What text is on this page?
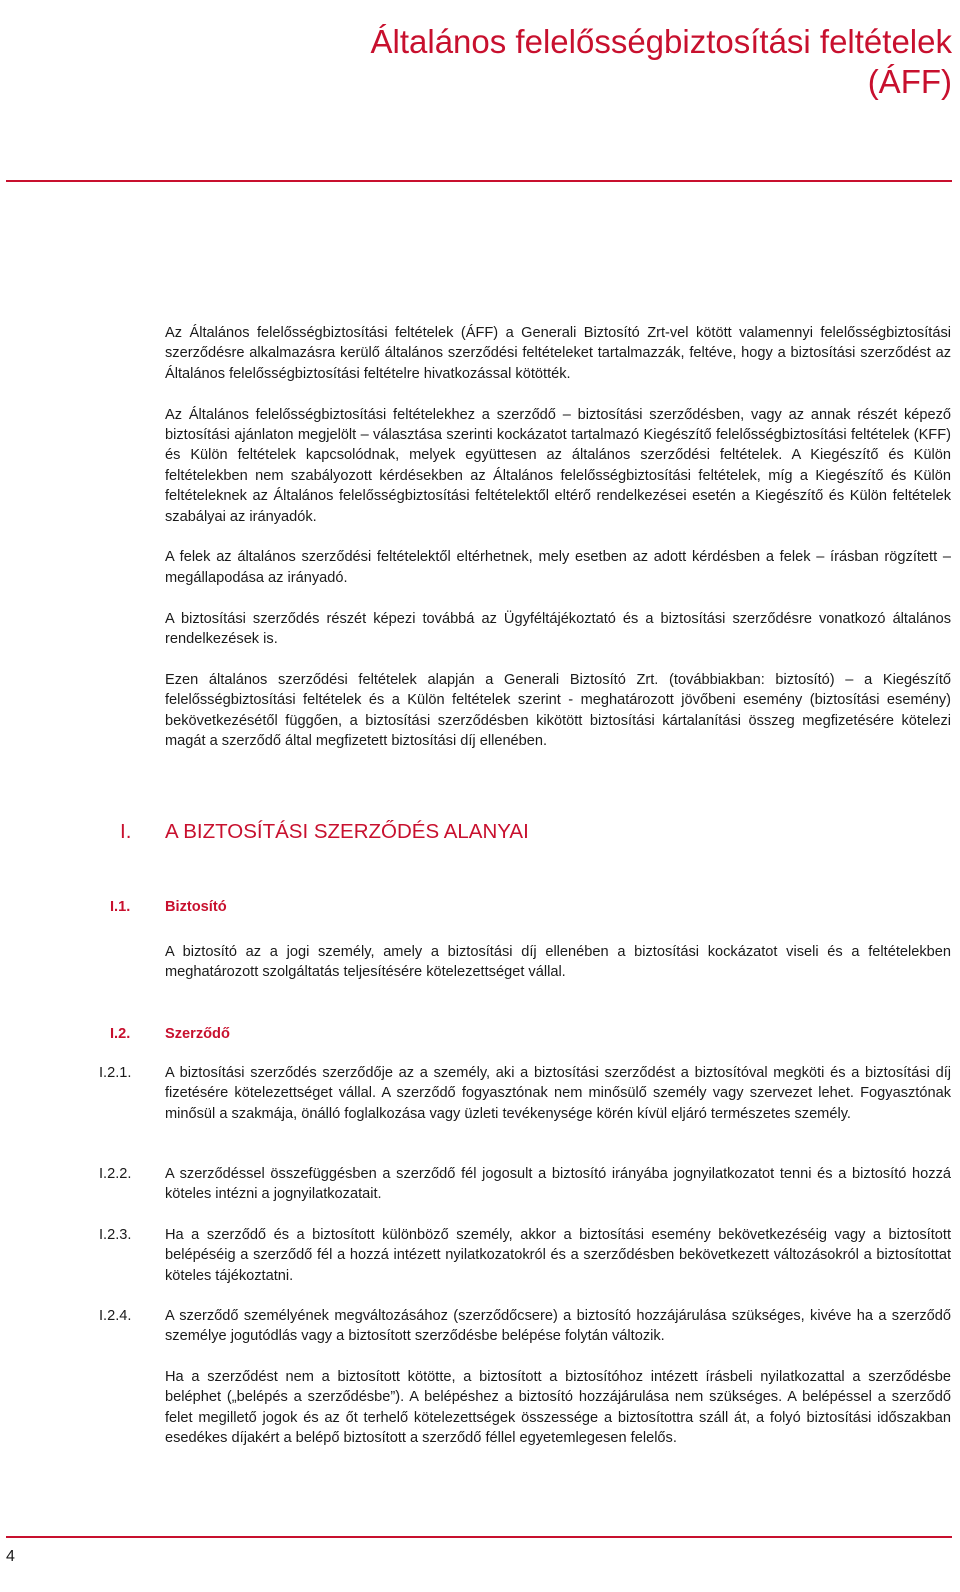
Általános felelősségbiztosítási feltételek
(ÁFF)

Az Általános felelősségbiztosítási feltételek (ÁFF) a Generali Biztosító Zrt-vel kötött valamennyi felelősségbiztosítási szerződésre alkalmazásra kerülő általános szerződési feltételeket tartalmazzák, feltéve, hogy a biztosítási szerződést az Általános felelősségbiztosítási feltételre hivatkozással kötötték.

Az Általános felelősségbiztosítási feltételekhez a szerződő – biztosítási szerződésben, vagy az annak részét képező biztosítási ajánlaton megjelölt – választása szerinti kockázatot tartalmazó Kiegészítő felelősségbiztosítási feltételek (KFF) és Külön feltételek kapcsolódnak, melyek együttesen az általános szerződési feltételek. A Kiegészítő és Külön feltételekben nem szabályozott kérdésekben az Általános felelősségbiztosítási feltételek, míg a Kiegészítő és Külön feltételeknek az Általános felelősségbiztosítási feltételektől eltérő rendelkezései esetén a Kiegészítő és Külön feltételek szabályai az irányadók.

A felek az általános szerződési feltételektől eltérhetnek, mely esetben az adott kérdésben a felek – írásban rögzített – megállapodása az irányadó.

A biztosítási szerződés részét képezi továbbá az Ügyféltájékoztató és a biztosítási szerződésre vonatkozó általános rendelkezések is.

Ezen általános szerződési feltételek alapján a Generali Biztosító Zrt. (továbbiakban: biztosító) – a Kiegészítő felelősségbiztosítási feltételek és a Külön feltételek szerint - meghatározott jövőbeni esemény (biztosítási esemény) bekövetkezésétől függően, a biztosítási szerződésben kikötött biztosítási kártalanítási összeg megfizetésére kötelezi magát a szerződő által megfizetett biztosítási díj ellenében.

I. A BIZTOSÍTÁSI SZERZŐDÉS ALANYAI
I.1.	Biztosító

A biztosító az a jogi személy, amely a biztosítási díj ellenében a biztosítási kockázatot viseli és a feltételekben meghatározott szolgáltatás teljesítésére kötelezettséget vállal.

I.2.	Szerződő
I.2.1.	A biztosítási szerződés szerződője az a személy, aki a biztosítási szerződést a biztosítóval megköti és a biztosítási díj fizetésére kötelezettséget vállal. A szerződő fogyasztónak nem minősülő személy vagy szervezet lehet. Fogyasztónak minősül a szakmája, önálló foglalkozása vagy üzleti tevékenysége körén kívül eljáró természetes személy.

I.2.2.	A szerződéssel összefüggésben a szerződő fél jogosult a biztosító irányába jognyilatkozatot tenni és a biztosító hozzá köteles intézni a jognyilatkozatait.

I.2.3.	Ha a szerződő és a biztosított különböző személy, akkor a biztosítási esemény bekövetkezéséig vagy a biztosított belépéséig a szerződő fél a hozzá intézett nyilatkozatokról és a szerződésben bekövetkezett változásokról a biztosítottat köteles tájékoztatni.

I.2.4.	A szerződő személyének megváltozásához (szerződőcsere) a biztosító hozzájárulása szükséges, kivéve ha a szerződő személye jogutódlás vagy a biztosított szerződésbe belépése folytán változik.

Ha a szerződést nem a biztosított kötötte, a biztosított a biztosítóhoz intézett írásbeli nyilatkozattal a szerződésbe beléphet („belépés a szerződésbe”). A belépéshez a biztosító hozzájárulása nem szükséges. A belépéssel a szerződő felet megillető jogok és az őt terhelő kötelezettségek összessége a biztosítottra száll át, a folyó biztosítási időszakban esedékes díjakért a belépő biztosított a szerződő féllel egyetemlegesen felelős.

4
